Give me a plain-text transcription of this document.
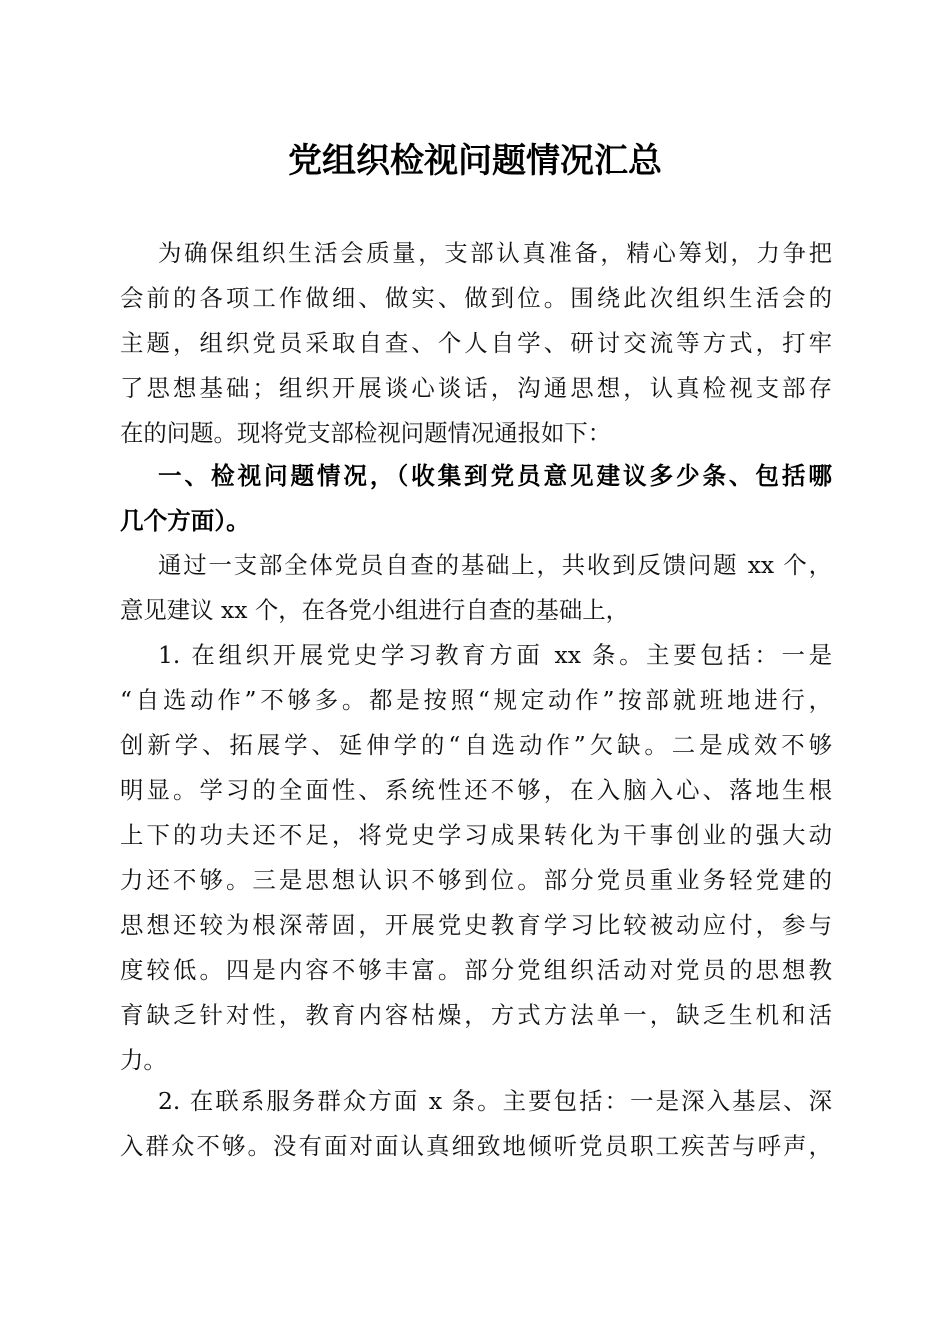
党组织检视问题情况汇总
为确保组织生活会质量，支部认真准备，精心筹划，力争把
会前的各项工作做细、做实、做到位。围绕此次组织生活会的
主题，组织党员采取自查、个人自学、研讨交流等方式，打牢
了思想基础；组织开展谈心谈话，沟通思想，认真检视支部存
在的问题。现将党支部检视问题情况通报如下：
一、检视问题情况，（收集到党员意见建议多少条、包括哪
几个方面）。
通过一支部全体党员自查的基础上，共收到反馈问题 xx 个，
意见建议 xx 个，在各党小组进行自查的基础上，
1. 在组织开展党史学习教育方面 xx 条。主要包括：一是
“自选动作”不够多。都是按照“规定动作”按部就班地进行，
创新学、拓展学、延伸学的“自选动作”欠缺。二是成效不够
明显。学习的全面性、系统性还不够，在入脑入心、落地生根
上下的功夫还不足，将党史学习成果转化为干事创业的强大动
力还不够。三是思想认识不够到位。部分党员重业务轻党建的
思想还较为根深蒂固，开展党史教育学习比较被动应付，参与
度较低。四是内容不够丰富。部分党组织活动对党员的思想教
育缺乏针对性，教育内容枯燥，方式方法单一，缺乏生机和活
力。
2. 在联系服务群众方面 x 条。主要包括：一是深入基层、深
入群众不够。没有面对面认真细致地倾听党员职工疾苦与呼声，
